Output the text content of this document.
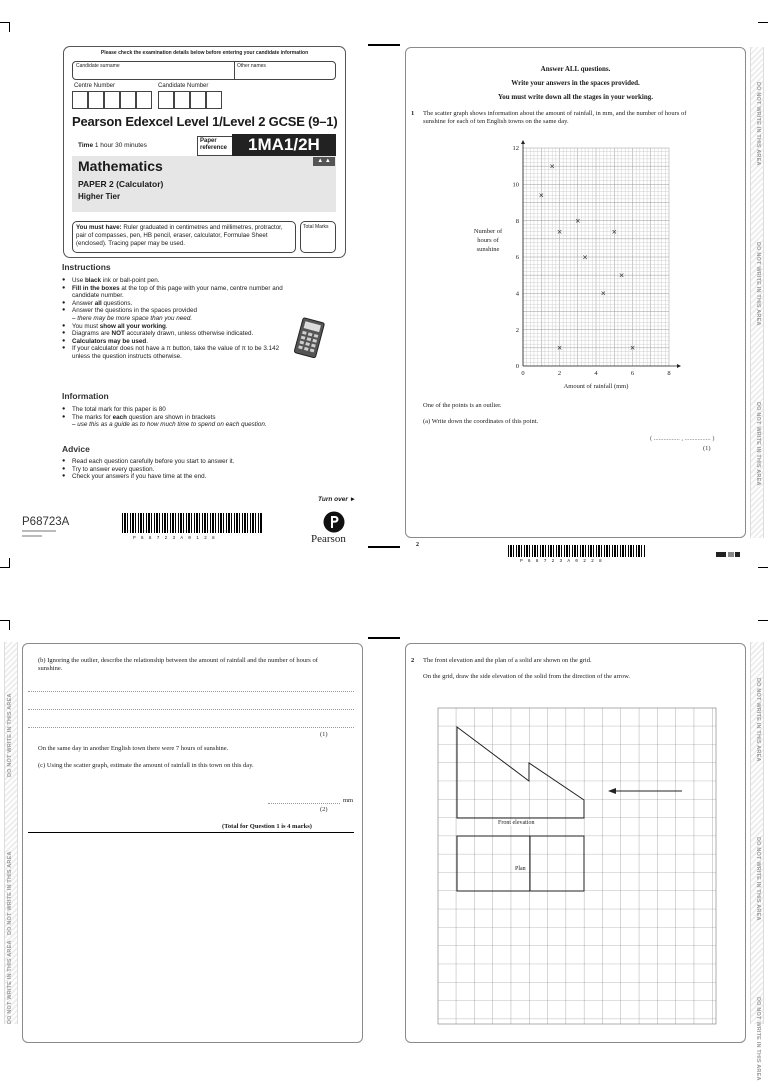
Please check the examination details below before entering your candidate information
Candidate surname	Other names
Centre Number	Candidate Number
Pearson Edexcel Level 1/Level 2 GCSE (9–1)
Time 1 hour 30 minutes
Paper reference	1MA1/2H
Mathematics
PAPER 2 (Calculator)
Higher Tier
▲ ▲
You must have: Ruler graduated in centimetres and millimetres, protractor, pair of compasses, pen, HB pencil, eraser, calculator, Formulae Sheet (enclosed). Tracing paper may be used.
Total Marks
Instructions
● Use black ink or ball-point pen.
● Fill in the boxes at the top of this page with your name, centre number and candidate number.
● Answer all questions.
● Answer the questions in the spaces provided
– there may be more space than you need.
● You must show all your working.
● Diagrams are NOT accurately drawn, unless otherwise indicated.
● Calculators may be used.
● If your calculator does not have a π button, take the value of π to be 3.142 unless the question instructs otherwise.
Information
● The total mark for this paper is 80
● The marks for each question are shown in brackets
– use this as a guide as to how much time to spend on each question.
Advice
● Read each question carefully before you start to answer it.
● Try to answer every question.
● Check your answers if you have time at the end.
Turn over ►
P68723A
P68723A0128	Pearson
DO NOT WRITE IN THIS AREA
DO NOT WRITE IN THIS AREA
DO NOT WRITE IN THIS AREA
Answer ALL questions.
Write your answers in the spaces provided.
You must write down all the stages in your working.
1 The scatter graph shows information about the amount of rainfall, in mm, and the number of hours of sunshine for each of ten English towns on the same day.
Number of hours of sunshine
0	2	4	6	8
0
2
4
6
8
10
12
Amount of rainfall (mm)
×
×
×
×
×
×
×
×
×
×
One of the points is an outlier.
(a) Write down the coordinates of this point.
( ................ , ................ )
(1)
2
P68723A0228
DO NOT WRITE IN THIS AREA
DO NOT WRITE IN THIS AREA
DO NOT WRITE IN THIS AREA
(b) Ignoring the outlier, describe the relationship between the amount of rainfall and the number of hours of sunshine.
(1)
On the same day in another English town there were 7 hours of sunshine.
(c) Using the scatter graph, estimate the amount of rainfall in this town on this day.
mm
(2)
(Total for Question 1 is 4 marks)
DO NOT WRITE IN THIS AREA
DO NOT WRITE IN THIS AREA
DO NOT WRITE IN THIS AREA
2 The front elevation and the plan of a solid are shown on the grid.
On the grid, draw the side elevation of the solid from the direction of the arrow.
Front elevation
Plan
